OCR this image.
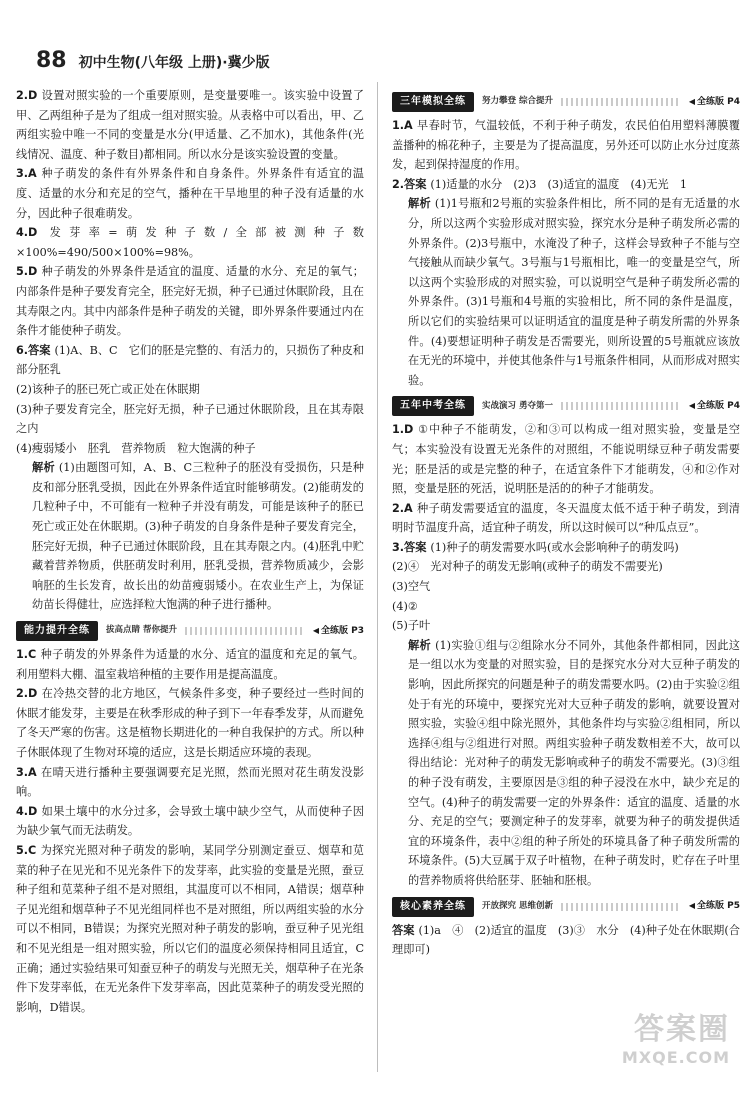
88 初中生物(八年级 上册)·冀少版

2.D 设置对照实验的一个重要原则，是变量要唯一。该实验中设置了甲、乙两组种子是为了组成一组对照实验。从表格中可以看出，甲、乙两组实验中唯一不同的变量是水分(甲适量、乙不加水)，其他条件(光线情况、温度、种子数目)都相同。所以水分是该实验设置的变量。

3.A 种子萌发的条件有外界条件和自身条件。外界条件有适宜的温度、适量的水分和充足的空气，播种在干旱地里的种子没有适量的水分，因此种子很难萌发。

4.D 发芽率=萌发种子数/全部被测种子数×100%=490/500×100%=98%。

5.D 种子萌发的外界条件是适宜的温度、适量的水分、充足的氧气；内部条件是种子要发育完全，胚完好无损，种子已通过休眠阶段，且在其寿限之内。其中内部条件是种子萌发的关键，即外界条件要通过内在条件才能使种子萌发。

6.答案 (1)A、B、C　它们的胚是完整的、有活力的，只损伤了种皮和部分胚乳

(2)该种子的胚已死亡或正处在休眠期

(3)种子要发育完全，胚完好无损，种子已通过休眠阶段，且在其寿限之内

(4)瘦弱矮小　胚乳　营养物质　粒大饱满的种子

解析 (1)由题图可知，A、B、C三粒种子的胚没有受损伤，只是种皮和部分胚乳受损，因此在外界条件适宜时能够萌发。(2)能萌发的几粒种子中，不可能有一粒种子并没有萌发，可能是该种子的胚已死亡或正处在休眠期。(3)种子萌发的自身条件是种子要发育完全，胚完好无损，种子已通过休眠阶段，且在其寿限之内。(4)胚乳中贮藏着营养物质，供胚萌发时利用，胚乳受损，营养物质减少，会影响胚的生长发育，故长出的幼苗瘦弱矮小。在农业生产上，为保证幼苗长得健壮，应选择粒大饱满的种子进行播种。

能力提升全练	拔高点睛 帮你提升	◀ 全练版 P3

1.C 种子萌发的外界条件为适量的水分、适宜的温度和充足的氧气。利用塑料大棚、温室栽培种植的主要作用是提高温度。

2.D 在冷热交替的北方地区，气候条件多变，种子要经过一些时间的休眠才能发芽，主要是在秋季形成的种子到下一年春季发芽，从而避免了冬天严寒的伤害。这是植物长期进化的一种自我保护的方式。所以种子休眠体现了生物对环境的适应，这是长期适应环境的表现。

3.A 在晴天进行播种主要强调要充足光照，然而光照对花生萌发没影响。

4.D 如果土壤中的水分过多，会导致土壤中缺少空气，从而使种子因为缺少氧气而无法萌发。

5.C 为探究光照对种子萌发的影响，某同学分别测定蚕豆、烟草和苋菜的种子在见光和不见光条件下的发芽率，此实验的变量是光照，蚕豆种子组和苋菜种子组不是对照组，其温度可以不相同，A错误；烟草种子见光组和烟草种子不见光组同样也不是对照组，所以两组实验的水分可以不相同，B错误；为探究光照对种子萌发的影响，蚕豆种子见光组和不见光组是一组对照实验，所以它们的温度必须保持相同且适宜，C正确；通过实验结果可知蚕豆种子的萌发与光照无关，烟草种子在光条件下发芽率低，在无光条件下发芽率高，因此苋菜种子的萌发受光照的影响，D错误。

三年模拟全练	努力攀登 综合提升	◀ 全练版 P4

1.A 早春时节，气温较低，不利于种子萌发，农民伯伯用塑料薄膜覆盖播种的棉花种子，主要是为了提高温度，另外还可以防止水分过度蒸发，起到保持湿度的作用。

2.答案 (1)适量的水分　(2)3　(3)适宜的温度　(4)无光　1

解析 (1)1号瓶和2号瓶的实验条件相比，所不同的是有无适量的水分，所以这两个实验形成对照实验，探究水分是种子萌发所必需的外界条件。(2)3号瓶中，水淹没了种子，这样会导致种子不能与空气接触从而缺少氧气。3号瓶与1号瓶相比，唯一的变量是空气，所以这两个实验形成的对照实验，可以说明空气是种子萌发所必需的外界条件。(3)1号瓶和4号瓶的实验相比，所不同的条件是温度，所以它们的实验结果可以证明适宜的温度是种子萌发所需的外界条件。(4)要想证明种子萌发是否需要光，则所设置的5号瓶就应该放在无光的环境中，并使其他条件与1号瓶条件相同，从而形成对照实验。

五年中考全练	实战演习 勇夺第一	◀ 全练版 P4

1.D ①中种子不能萌发，②和③可以构成一组对照实验，变量是空气；本实验没有设置无光条件的对照组，不能说明绿豆种子萌发需要光；胚是活的或是完整的种子，在适宜条件下才能萌发，④和②作对照，变量是胚的死活，说明胚是活的的种子才能萌发。

2.A 种子萌发需要适宜的温度，冬天温度太低不适于种子萌发，到清明时节温度升高，适宜种子萌发，所以这时候可以“种瓜点豆”。

3.答案 (1)种子的萌发需要水吗(或水会影响种子的萌发吗)

(2)④　光对种子的萌发无影响(或种子的萌发不需要光)

(3)空气

(4)②

(5)子叶

解析 (1)实验①组与②组除水分不同外，其他条件都相同，因此这是一组以水为变量的对照实验，目的是探究水分对大豆种子萌发的影响，因此所探究的问题是种子的萌发需要水吗。(2)由于实验②组处于有光的环境中，要探究光对大豆种子萌发的影响，就要设置对照实验，实验④组中除光照外，其他条件均与实验②组相同，所以选择④组与②组进行对照。两组实验种子萌发数相差不大，故可以得出结论：光对种子的萌发无影响或种子的萌发不需要光。(3)③组的种子没有萌发，主要原因是③组的种子浸没在水中，缺少充足的空气。(4)种子的萌发需要一定的外界条件：适宜的温度、适量的水分、充足的空气；要测定种子的发芽率，就要为种子的萌发提供适宜的环境条件，表中②组的种子所处的环境具备了种子萌发所需的环境条件。(5)大豆属于双子叶植物，在种子萌发时，贮存在子叶里的营养物质将供给胚芽、胚轴和胚根。

核心素养全练	开放探究 思维创新	◀ 全练版 P5

答案 (1)a　④　(2)适宜的温度　(3)③　水分　(4)种子处在休眠期(合理即可)

答案圈
MXQE.COM
